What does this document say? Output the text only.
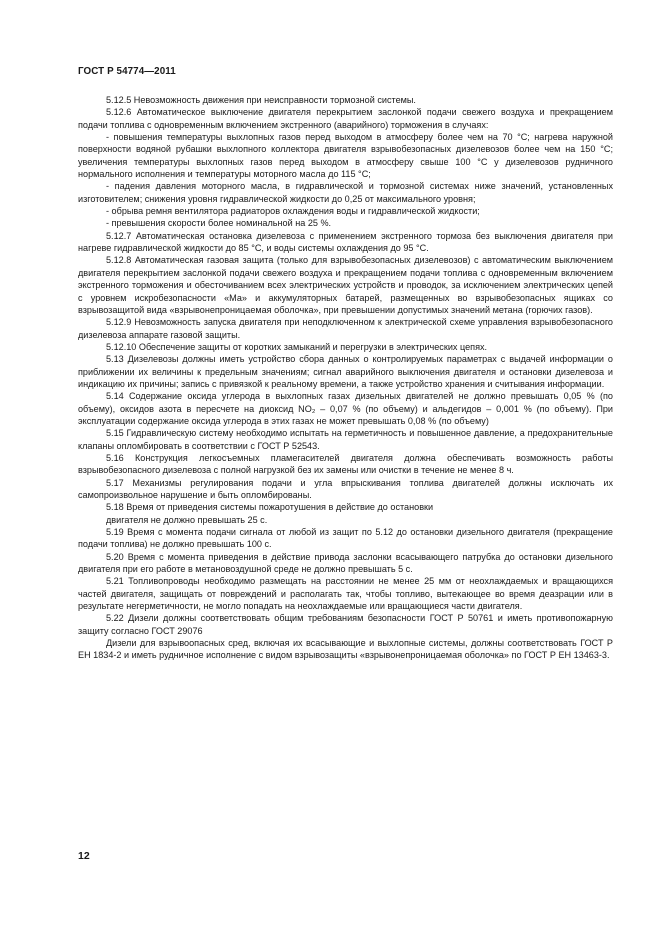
ГОСТ Р 54774—2011

5.12.5 Невозможность движения при неисправности тормозной системы.

5.12.6 Автоматическое выключение двигателя перекрытием заслонкой подачи свежего воздуха и прекращением подачи топлива с одновременным включением экстренного (аварийного) торможения в случаях:

- повышения температуры выхлопных газов перед выходом в атмосферу более чем на 70 °С; нагрева наружной поверхности водяной рубашки выхлопного коллектора двигателя взрывобезопасных дизелевозов более чем на 150 °С; увеличения температуры выхлопных газов перед выходом в атмосферу свыше 100 °С у дизелевозов рудничного нормального исполнения и температуры моторного масла до 115 °С;

- падения давления моторного масла, в гидравлической и тормозной системах ниже значений, установленных изготовителем; снижения уровня гидравлической жидкости до 0,25 от максимального уровня;

- обрыва ремня вентилятора радиаторов охлаждения воды и гидравлической жидкости;

- превышения скорости более номинальной на 25 %.

5.12.7 Автоматическая остановка дизелевоза с применением экстренного тормоза без выключения двигателя при нагреве гидравлической жидкости до 85 °С, и воды системы охлаждения до 95 °С.

5.12.8 Автоматическая газовая защита (только для взрывобезопасных дизелевозов) с автоматическим выключением двигателя перекрытием заслонкой подачи свежего воздуха и прекращением подачи топлива с одновременным включением экстренного торможения и обесточиванием всех электрических устройств и проводок, за исключением электрических цепей с уровнем искробезопасности «Ма» и аккумуляторных батарей, размещенных во взрывобезопасных ящиках со взрывозащитой вида «взрывонепроницаемая оболочка», при превышении допустимых значений метана (горючих газов).

5.12.9 Невозможность запуска двигателя при неподключенном к электрической схеме управления взрывобезопасного дизелевоза аппарате газовой защиты.

5.12.10 Обеспечение защиты от коротких замыканий и перегрузки в электрических цепях.

5.13 Дизелевозы должны иметь устройство сбора данных о контролируемых параметрах с выдачей информации о приближении их величины к предельным значениям; сигнал аварийного выключения двигателя и остановки дизелевоза и индикацию их причины; запись с привязкой к реальному времени, а также устройство хранения и считывания информации.

5.14 Содержание оксида углерода в выхлопных газах дизельных двигателей не должно превышать 0,05 % (по объему), оксидов азота в пересчете на диоксид NO₂ – 0,07 % (по объему) и альдегидов – 0,001 % (по объему). При эксплуатации содержание оксида углерода в этих газах не может превышать 0,08 % (по объему)

5.15 Гидравлическую систему необходимо испытать на герметичность и повышенное давление, а предохранительные клапаны опломбировать в соответствии с ГОСТ Р 52543.

5.16 Конструкция легкосъемных пламегасителей двигателя должна обеспечивать возможность работы взрывобезопасного дизелевоза с полной нагрузкой без их замены или очистки в течение не менее 8 ч.

5.17 Механизмы регулирования подачи и угла впрыскивания топлива двигателей должны исключать их самопроизвольное нарушение и быть опломбированы.

5.18 Время от приведения системы пожаротушения в действие до остановки

двигателя не должно превышать 25 с.

5.19 Время с момента подачи сигнала от любой из защит по 5.12 до остановки дизельного двигателя (прекращение подачи топлива) не должно превышать 100 с.

5.20 Время с момента приведения в действие привода заслонки всасывающего патрубка до остановки дизельного двигателя при его работе в метановоздушной среде не должно превышать 5 с.

5.21 Топливопроводы необходимо размещать на расстоянии не менее 25 мм от неохлаждаемых и вращающихся частей двигателя, защищать от повреждений и располагать так, чтобы топливо, вытекающее во время деазрации или в результате негерметичности, не могло попадать на неохлаждаемые или вращающиеся части двигателя.

5.22 Дизели должны соответствовать общим требованиям безопасности ГОСТ Р 50761 и иметь противопожарную защиту согласно ГОСТ 29076

Дизели для взрывоопасных сред, включая их всасывающие и выхлопные системы, должны соответствовать ГОСТ Р ЕН 1834-2 и иметь рудничное исполнение с видом взрывозащиты «взрывонепроницаемая оболочка» по ГОСТ Р ЕН 13463-3.

12
